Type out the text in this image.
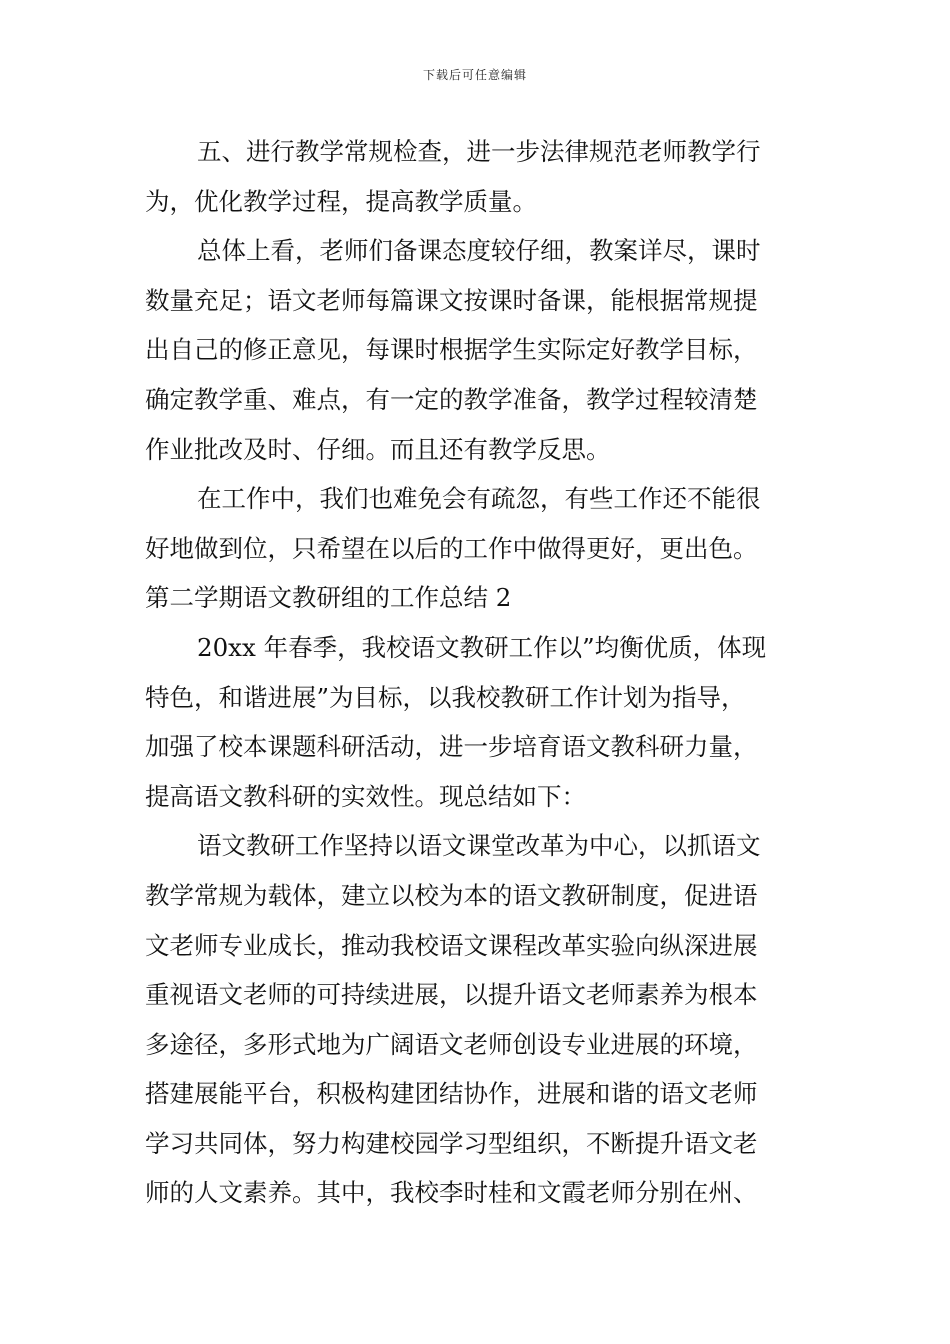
下载后可任意编辑
五、进行教学常规检查，进一步法律规范老师教学行
为，优化教学过程，提高教学质量。
总体上看，老师们备课态度较仔细，教案详尽，课时
数量充足；语文老师每篇课文按课时备课，能根据常规提
出自己的修正意见，每课时根据学生实际定好教学目标，
确定教学重、难点，有一定的教学准备，教学过程较清楚
作业批改及时、仔细。而且还有教学反思。
在工作中，我们也难免会有疏忽，有些工作还不能很
好地做到位，只希望在以后的工作中做得更好，更出色。
第二学期语文教研组的工作总结 2
20xx 年春季，我校语文教研工作以”均衡优质，体现
特色，和谐进展”为目标，以我校教研工作计划为指导，
加强了校本课题科研活动，进一步培育语文教科研力量，
提高语文教科研的实效性。现总结如下：
语文教研工作坚持以语文课堂改革为中心，以抓语文
教学常规为载体，建立以校为本的语文教研制度，促进语
文老师专业成长，推动我校语文课程改革实验向纵深进展
重视语文老师的可持续进展，以提升语文老师素养为根本
多途径，多形式地为广阔语文老师创设专业进展的环境，
搭建展能平台，积极构建团结协作，进展和谐的语文老师
学习共同体，努力构建校园学习型组织，不断提升语文老
师的人文素养。其中，我校李时桂和文霞老师分别在州、
